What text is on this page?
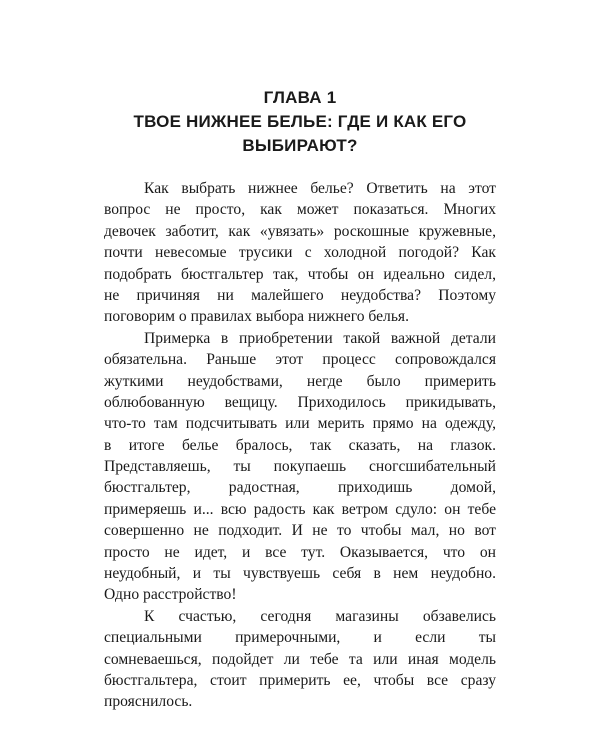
ГЛАВА 1
ТВОЕ НИЖНЕЕ БЕЛЬЕ: ГДЕ И КАК ЕГО
ВЫБИРАЮТ?
Как выбрать нижнее белье? Ответить на этот
вопрос не просто, как может показаться. Многих
девочек заботит, как «увязать» роскошные кружевные,
почти невесомые трусики с холодной погодой? Как
подобрать бюстгальтер так, чтобы он идеально сидел,
не причиняя ни малейшего неудобства? Поэтому
поговорим о правилах выбора нижнего белья.
Примерка в приобретении такой важной детали
обязательна. Раньше этот процесс сопровождался
жуткими неудобствами, негде было примерить
облюбованную вещицу. Приходилось прикидывать,
что-то там подсчитывать или мерить прямо на одежду,
в итоге белье бралось, так сказать, на глазок.
Представляешь, ты покупаешь сногсшибательный
бюстгальтер, радостная, приходишь домой,
примеряешь и... всю радость как ветром сдуло: он тебе
совершенно не подходит. И не то чтобы мал, но вот
просто не идет, и все тут. Оказывается, что он
неудобный, и ты чувствуешь себя в нем неудобно.
Одно расстройство!
К счастью, сегодня магазины обзавелись
специальными примерочными, и если ты
сомневаешься, подойдет ли тебе та или иная модель
бюстгальтера, стоит примерить ее, чтобы все сразу
прояснилось.
